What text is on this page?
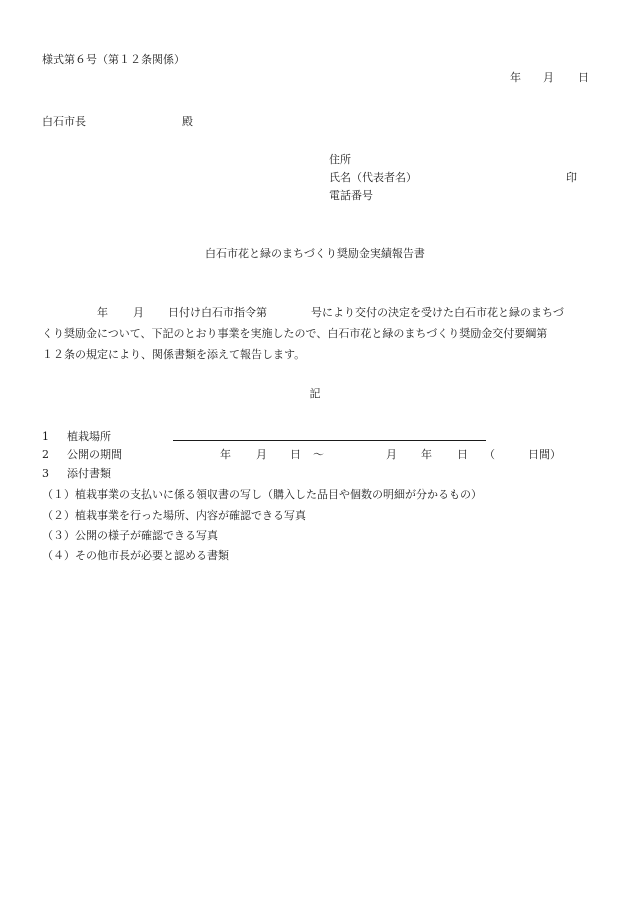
様式第６号（第１２条関係）
年 月 日
白石市長	殿
住所
氏名（代表者名）	印
電話番号
白石市花と緑のまちづくり奨励金実績報告書
年 月 日付け白石市指令第	号により交付の決定を受けた白石市花と緑のまちづ
くり奨励金について、下記のとおり事業を実施したので、白石市花と緑のまちづくり奨励金交付要綱第
１２条の規定により、関係書類を添えて報告します。
記
1 植栽場所
2 公開の期間	年 月 日 ～	月 年 日 （	日間）
3 添付書類
（１）植栽事業の支払いに係る領収書の写し（購入した品目や個数の明細が分かるもの）
（２）植栽事業を行った場所、内容が確認できる写真
（３）公開の様子が確認できる写真
（４）その他市長が必要と認める書類
